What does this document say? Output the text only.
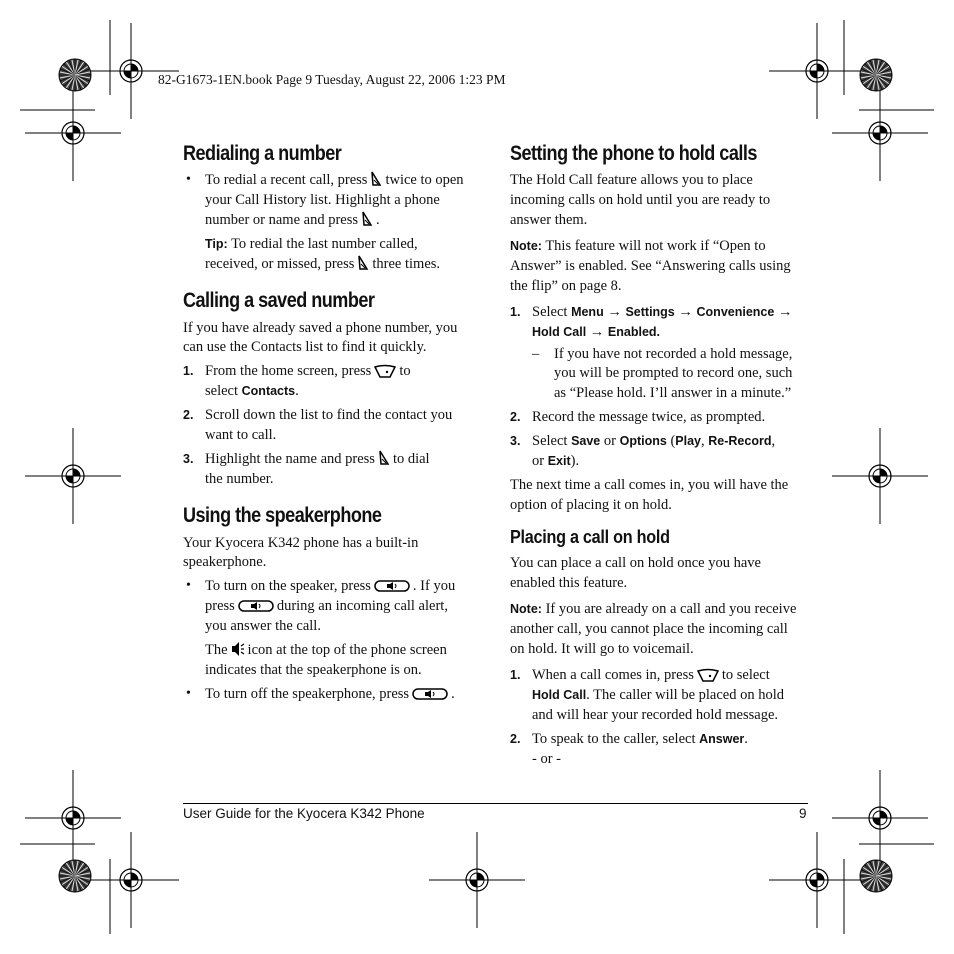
82-G1673-1EN.book Page 9 Tuesday, August 22, 2006 1:23 PM
Redialing a number
• To redial a recent call, press twice to open
your Call History list. Highlight a phone
number or name and press .
Tip: To redial the last number called,
received, or missed, press three times.
Calling a saved number
If you have already saved a phone number, you
can use the Contacts list to find it quickly.
1. From the home screen, press to
select Contacts.
2. Scroll down the list to find the contact you
want to call.
3. Highlight the name and press to dial
the number.
Using the speakerphone
Your Kyocera K342 phone has a built-in
speakerphone.
• To turn on the speaker, press	. If you
press	during an incoming call alert,
you answer the call.
The icon at the top of the phone screen
indicates that the speakerphone is on.
• To turn off the speakerphone, press	.
Setting the phone to hold calls
The Hold Call feature allows you to place
incoming calls on hold until you are ready to
answer them.
Note: This feature will not work if “Open to
Answer” is enabled. See “Answering calls using
the flip” on page 8.
1. Select Menu → Settings → Convenience →
Hold Call → Enabled.
– If you have not recorded a hold message,
you will be prompted to record one, such
as “Please hold. I’ll answer in a minute.”
2. Record the message twice, as prompted.
3. Select Save or Options (Play, Re-Record,
or Exit).
The next time a call comes in, you will have the
option of placing it on hold.
Placing a call on hold
You can place a call on hold once you have
enabled this feature.
Note: If you are already on a call and you receive
another call, you cannot place the incoming call
on hold. It will go to voicemail.
1. When a call comes in, press to select
Hold Call. The caller will be placed on hold
and will hear your recorded hold message.
2. To speak to the caller, select Answer.
- or -
User Guide for the Kyocera K342 Phone	9
